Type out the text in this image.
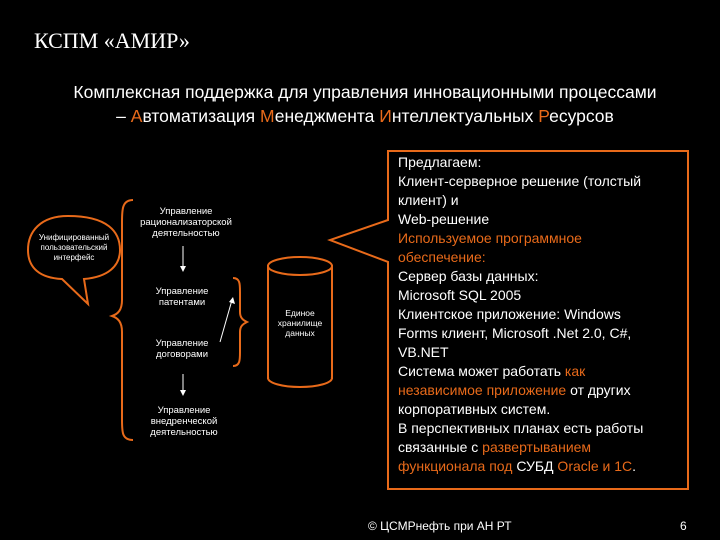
КСПМ «АМИР»
Комплексная поддержка для управления инновационными процессами
– Автоматизация Менеджмента Интеллектуальных Ресурсов
Унифицированный пользовательский интерфейс
Управление
рационализаторской деятельностью
Управление патентами
Управление договорами
Управление внедренческой деятельностью
Единое хранилище данных
Предлагаем:
Клиент-серверное решение (толстый
клиент) и
Web-решение
Используемое программное
обеспечение:
Сервер базы данных:
Microsoft SQL 2005
Клиентское приложение: Windows
Forms клиент, Microsoft .Net 2.0, C#,
VB.NET
Система может работать как
независимое приложение от других
корпоративных систем.
В перспективных планах есть работы
связанные с развертыванием
функционала под СУБД Oracle и 1C.
© ЦСМРнефть при АН РТ	6
